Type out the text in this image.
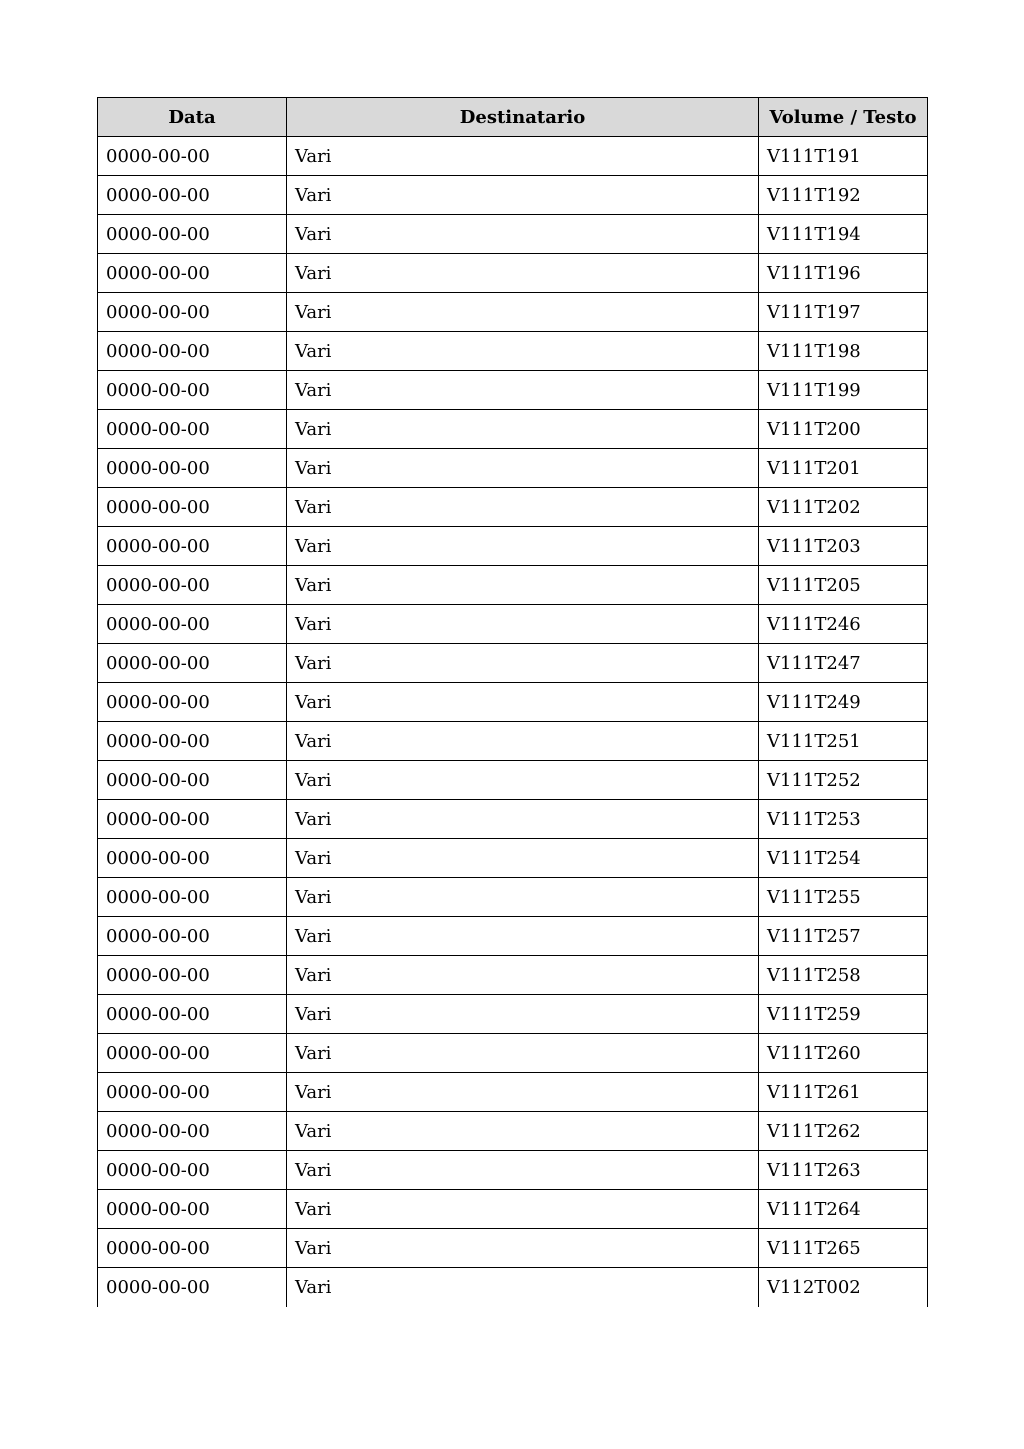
Data	Destinatario	Volume / Testo
0000-00-00	Vari	V111T191
0000-00-00	Vari	V111T192
0000-00-00	Vari	V111T194
0000-00-00	Vari	V111T196
0000-00-00	Vari	V111T197
0000-00-00	Vari	V111T198
0000-00-00	Vari	V111T199
0000-00-00	Vari	V111T200
0000-00-00	Vari	V111T201
0000-00-00	Vari	V111T202
0000-00-00	Vari	V111T203
0000-00-00	Vari	V111T205
0000-00-00	Vari	V111T246
0000-00-00	Vari	V111T247
0000-00-00	Vari	V111T249
0000-00-00	Vari	V111T251
0000-00-00	Vari	V111T252
0000-00-00	Vari	V111T253
0000-00-00	Vari	V111T254
0000-00-00	Vari	V111T255
0000-00-00	Vari	V111T257
0000-00-00	Vari	V111T258
0000-00-00	Vari	V111T259
0000-00-00	Vari	V111T260
0000-00-00	Vari	V111T261
0000-00-00	Vari	V111T262
0000-00-00	Vari	V111T263
0000-00-00	Vari	V111T264
0000-00-00	Vari	V111T265
0000-00-00	Vari	V112T002
